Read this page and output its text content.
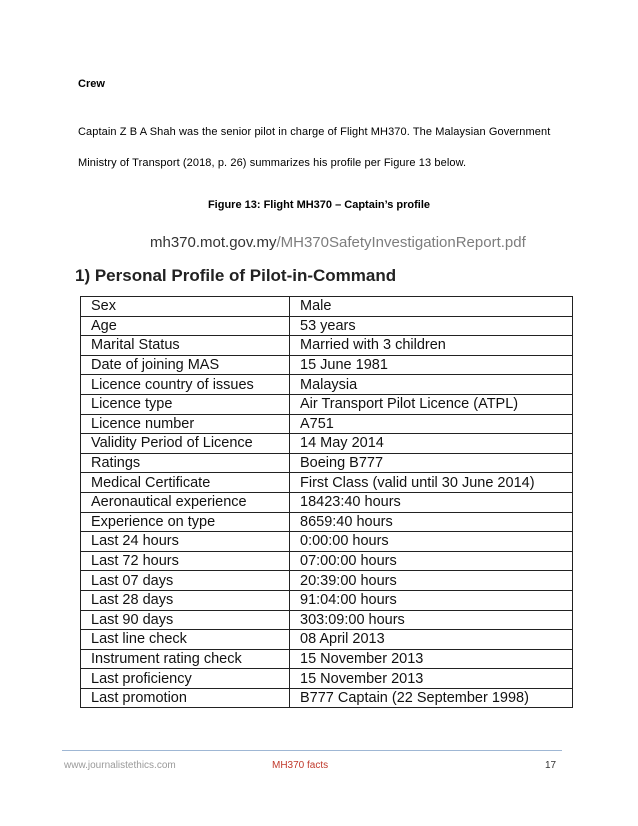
Crew
Captain Z B A Shah was the senior pilot in charge of Flight MH370. The Malaysian Government
Ministry of Transport (2018, p. 26) summarizes his profile per Figure 13 below.
Figure 13: Flight MH370 – Captain’s profile
mh370.mot.gov.my/MH370SafetyInvestigationReport.pdf
1) Personal Profile of Pilot-in-Command
Sex	Male
Age	53 years
Marital Status	Married with 3 children
Date of joining MAS	15 June 1981
Licence country of issues	Malaysia
Licence type	Air Transport Pilot Licence (ATPL)
Licence number	A751
Validity Period of Licence	14 May 2014
Ratings	Boeing B777
Medical Certificate	First Class (valid until 30 June 2014)
Aeronautical experience	18423:40 hours
Experience on type	8659:40 hours
Last 24 hours	0:00:00 hours
Last 72 hours	07:00:00 hours
Last 07 days	20:39:00 hours
Last 28 days	91:04:00 hours
Last 90 days	303:09:00 hours
Last line check	08 April 2013
Instrument rating check	15 November 2013
Last proficiency	15 November 2013
Last promotion	B777 Captain (22 September 1998)
www.journalistethics.com	MH370 facts	17
